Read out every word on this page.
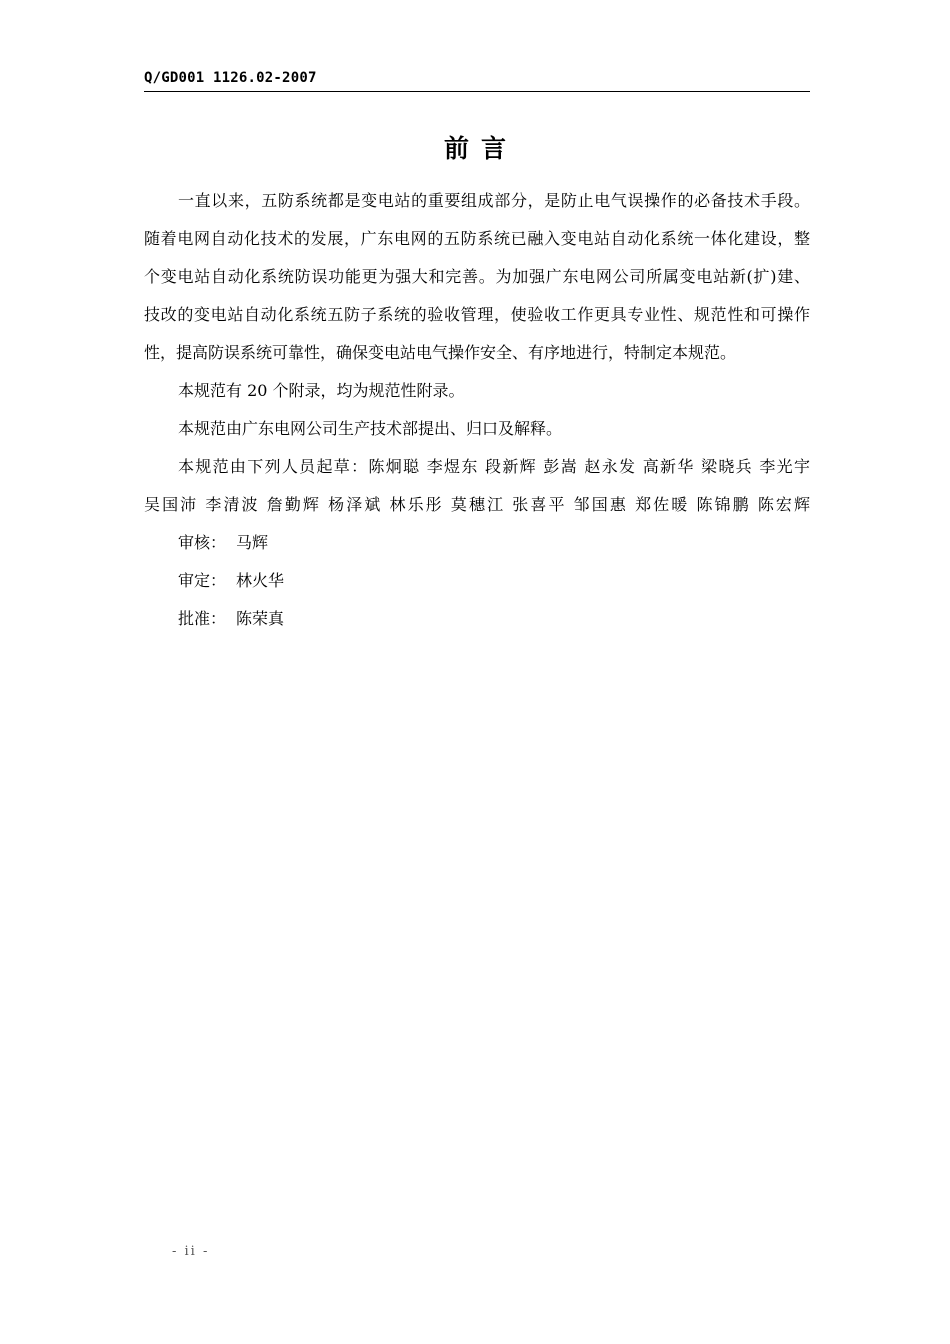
Q/GD001 1126.02-2007
前言
一直以来，五防系统都是变电站的重要组成部分，是防止电气误操作的必备技术手段。
随着电网自动化技术的发展，广东电网的五防系统已融入变电站自动化系统一体化建设，整
个变电站自动化系统防误功能更为强大和完善。为加强广东电网公司所属变电站新(扩)建、
技改的变电站自动化系统五防子系统的验收管理，使验收工作更具专业性、规范性和可操作
性，提高防误系统可靠性，确保变电站电气操作安全、有序地进行，特制定本规范。
本规范有 20 个附录，均为规范性附录。
本规范由广东电网公司生产技术部提出、归口及解释。
本规范由下列人员起草：陈炯聪 李煜东 段新辉 彭嵩 赵永发 高新华 梁晓兵 李光宇
吴国沛 李清波 詹勤辉 杨泽斌 林乐彤 莫穗江 张喜平 邹国惠 郑佐暖 陈锦鹏 陈宏辉
审核： 马辉
审定： 林火华
批准： 陈荣真
- ii -
